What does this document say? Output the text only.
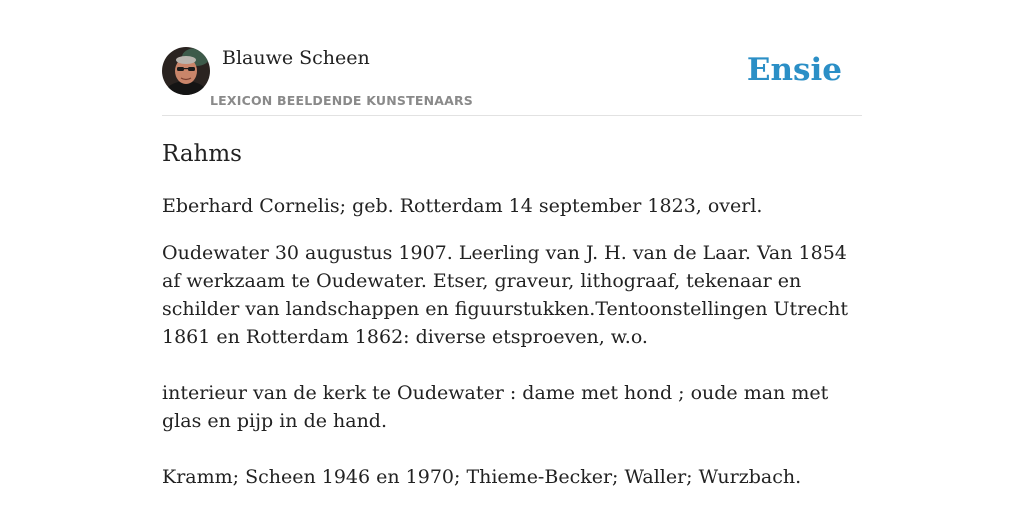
Blauwe Scheen
LEXICON BEELDENDE KUNSTENAARS
Ensie
Rahms

Eberhard Cornelis; geb. Rotterdam 14 september 1823, overl.

Oudewater 30 augustus 1907. Leerling van J. H. van de Laar. Van 1854 af werkzaam te Oudewater. Etser, graveur, lithograaf, tekenaar en schilder van landschappen en figuurstukken.Tentoonstellingen Utrecht 1861 en Rotterdam 1862: diverse etsproeven, w.o.

interieur van de kerk te Oudewater : dame met hond ; oude man met glas en pijp in de hand.

Kramm; Scheen 1946 en 1970; Thieme-Becker; Waller; Wurzbach.
